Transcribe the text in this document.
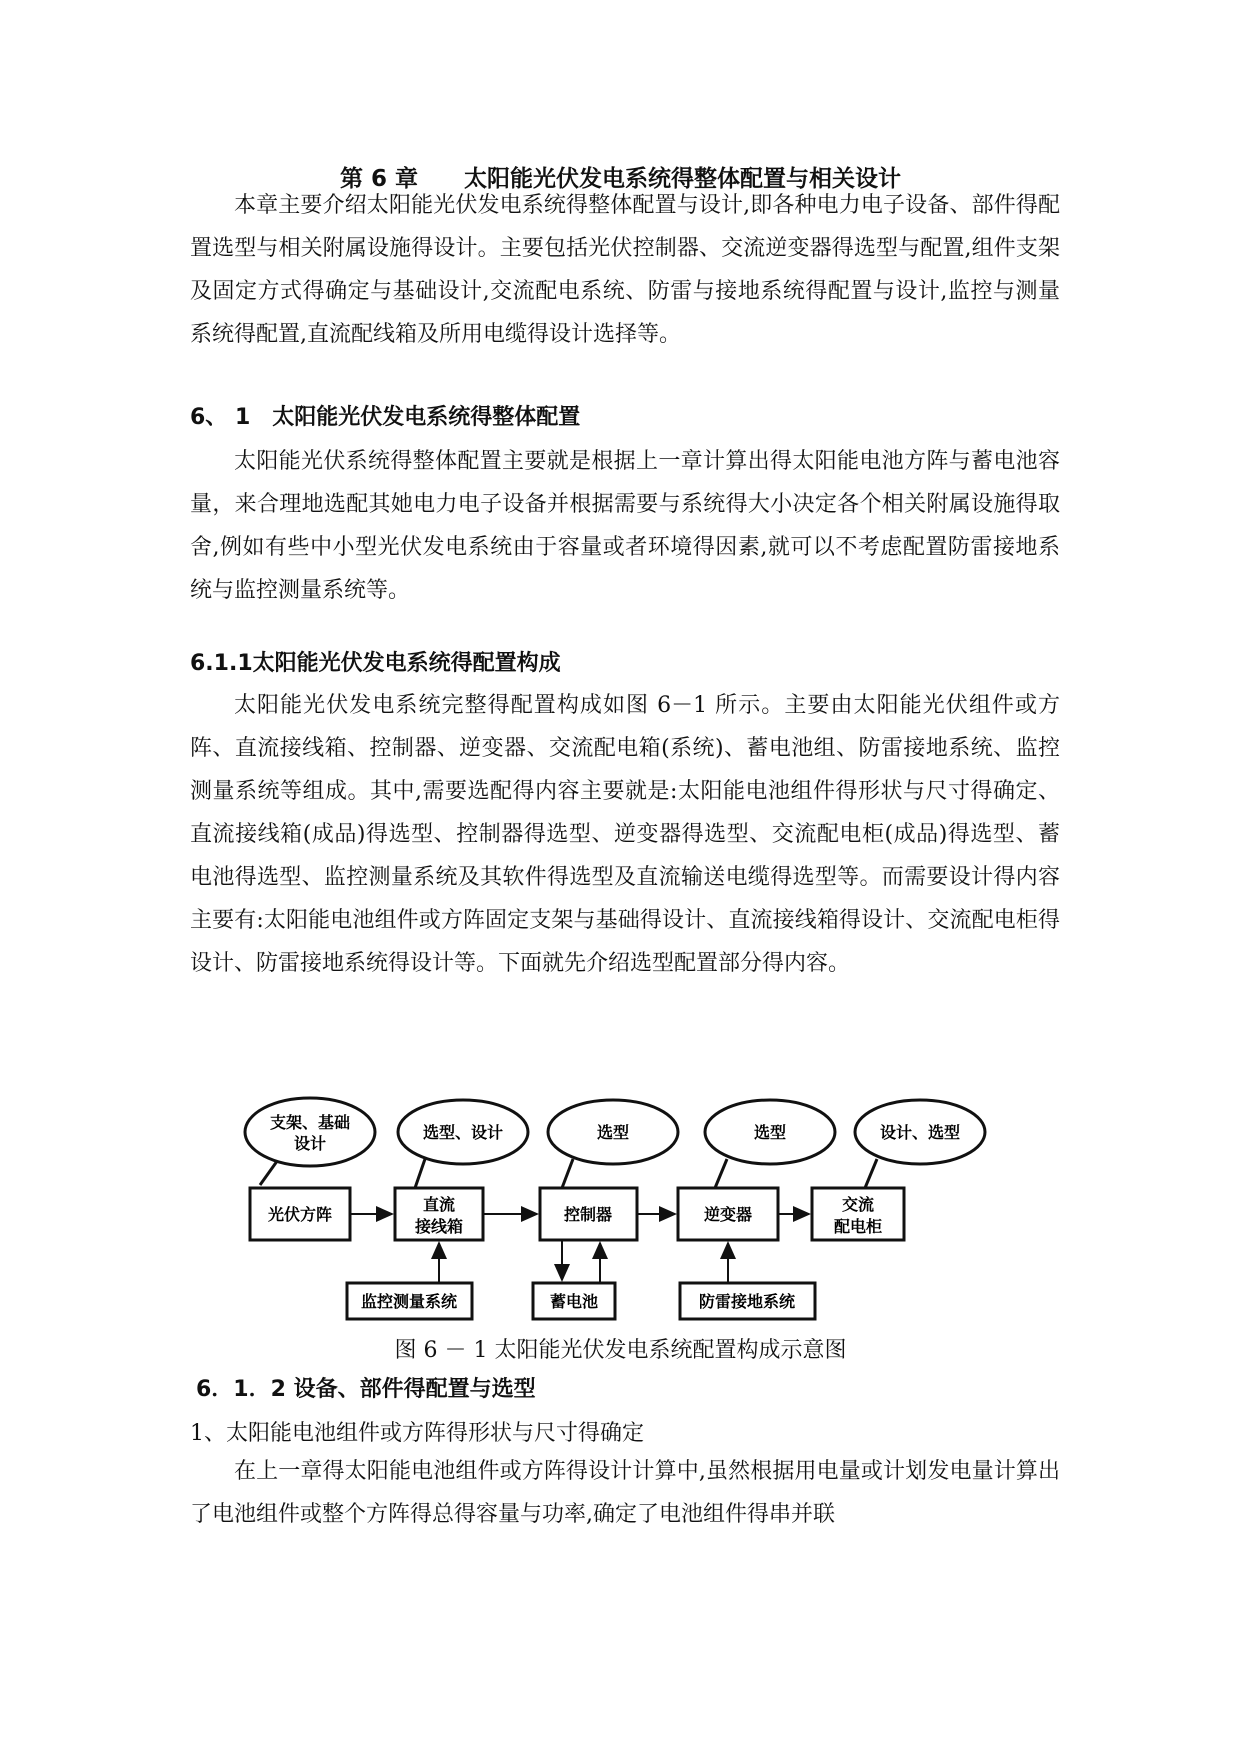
第 6 章　　太阳能光伏发电系统得整体配置与相关设计

本章主要介绍太阳能光伏发电系统得整体配置与设计,即各种电力电子设备、部件得配置选型与相关附属设施得设计。主要包括光伏控制器、交流逆变器得选型与配置,组件支架及固定方式得确定与基础设计,交流配电系统、防雷与接地系统得配置与设计,监控与测量系统得配置,直流配线箱及所用电缆得设计选择等。

6、 1　太阳能光伏发电系统得整体配置

太阳能光伏系统得整体配置主要就是根据上一章计算出得太阳能电池方阵与蓄电池容量，来合理地选配其她电力电子设备并根据需要与系统得大小决定各个相关附属设施得取舍,例如有些中小型光伏发电系统由于容量或者环境得因素,就可以不考虑配置防雷接地系统与监控测量系统等。

6.1.1太阳能光伏发电系统得配置构成

太阳能光伏发电系统完整得配置构成如图 6－1 所示。主要由太阳能光伏组件或方阵、直流接线箱、控制器、逆变器、交流配电箱(系统)、蓄电池组、防雷接地系统、监控测量系统等组成。其中,需要选配得内容主要就是:太阳能电池组件得形状与尺寸得确定、直流接线箱(成品)得选型、控制器得选型、逆变器得选型、交流配电柜(成品)得选型、蓄电池得选型、监控测量系统及其软件得选型及直流输送电缆得选型等。而需要设计得内容主要有:太阳能电池组件或方阵固定支架与基础得设计、直流接线箱得设计、交流配电柜得设计、防雷接地系统得设计等。下面就先介绍选型配置部分得内容。

支架、基础
设计
选型、设计	选型	选型	设计、选型
光伏方阵
直流
接线箱
控制器	逆变器
交流
配电柜
监控测量系统	蓄电池	防雷接地系统
图 6 － 1 太阳能光伏发电系统配置构成示意图

6．1．2 设备、部件得配置与选型

1、太阳能电池组件或方阵得形状与尺寸得确定

在上一章得太阳能电池组件或方阵得设计计算中,虽然根据用电量或计划发电量计算出了电池组件或整个方阵得总得容量与功率,确定了电池组件得串并联
